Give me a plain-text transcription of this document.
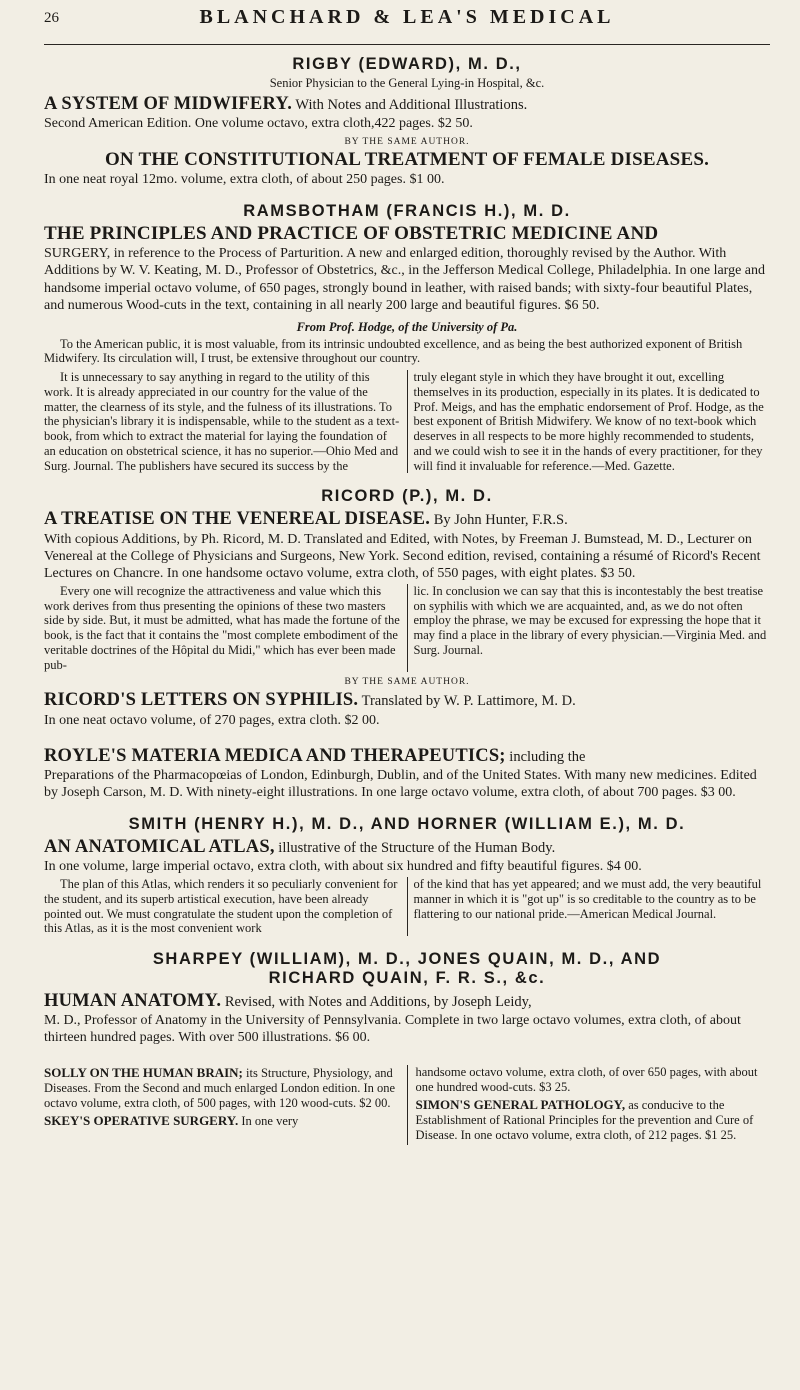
26	BLANCHARD & LEA'S MEDICAL
RIGBY (EDWARD), M. D.,
Senior Physician to the General Lying-in Hospital, &c.

A SYSTEM OF MIDWIFERY. With Notes and Additional Illustrations.

Second American Edition. One volume octavo, extra cloth,422 pages. $2 50.

BY THE SAME AUTHOR.
ON THE CONSTITUTIONAL TREATMENT OF FEMALE DISEASES.

In one neat royal 12mo. volume, extra cloth, of about 250 pages. $1 00.

RAMSBOTHAM (FRANCIS H.), M. D.
THE PRINCIPLES AND PRACTICE OF OBSTETRIC MEDICINE AND

SURGERY, in reference to the Process of Parturition. A new and enlarged edition, thoroughly revised by the Author. With Additions by W. V. Keating, M. D., Professor of Obstetrics, &c., in the Jefferson Medical College, Philadelphia. In one large and handsome imperial octavo volume, of 650 pages, strongly bound in leather, with raised bands; with sixty-four beautiful Plates, and numerous Wood-cuts in the text, containing in all nearly 200 large and beautiful figures. $6 50.

From Prof. Hodge, of the University of Pa.

To the American public, it is most valuable, from its intrinsic undoubted excellence, and as being the best authorized exponent of British Midwifery. Its circulation will, I trust, be extensive throughout our country.

It is unnecessary to say anything in regard to the utility of this work. It is already appreciated in our country for the value of the matter, the clearness of its style, and the fulness of its illustrations. To the physician's library it is indispensable, while to the student as a text-book, from which to extract the material for laying the foundation of an education on obstetrical science, it has no superior.—Ohio Med and Surg. Journal. The publishers have secured its success by the
truly elegant style in which they have brought it out, excelling themselves in its production, especially in its plates. It is dedicated to Prof. Meigs, and has the emphatic endorsement of Prof. Hodge, as the best exponent of British Midwifery. We know of no text-book which deserves in all respects to be more highly recommended to students, and we could wish to see it in the hands of every practitioner, for they will find it invaluable for reference.—Med. Gazette.
RICORD (P.), M. D.

A TREATISE ON THE VENEREAL DISEASE. By John Hunter, F.R.S.

With copious Additions, by Ph. Ricord, M. D. Translated and Edited, with Notes, by Freeman J. Bumstead, M. D., Lecturer on Venereal at the College of Physicians and Surgeons, New York. Second edition, revised, containing a résumé of Ricord's Recent Lectures on Chancre. In one handsome octavo volume, extra cloth, of 550 pages, with eight plates. $3 50.

Every one will recognize the attractiveness and value which this work derives from thus presenting the opinions of these two masters side by side. But, it must be admitted, what has made the fortune of the book, is the fact that it contains the "most complete embodiment of the veritable doctrines of the Hôpital du Midi," which has ever been made pub-
lic. In conclusion we can say that this is incontestably the best treatise on syphilis with which we are acquainted, and, as we do not often employ the phrase, we may be excused for expressing the hope that it may find a place in the library of every physician.—Virginia Med. and Surg. Journal.
BY THE SAME AUTHOR.

RICORD'S LETTERS ON SYPHILIS. Translated by W. P. Lattimore, M. D.

In one neat octavo volume, of 270 pages, extra cloth. $2 00.

ROYLE'S MATERIA MEDICA AND THERAPEUTICS; including the

Preparations of the Pharmacopœias of London, Edinburgh, Dublin, and of the United States. With many new medicines. Edited by Joseph Carson, M. D. With ninety-eight illustrations. In one large octavo volume, extra cloth, of about 700 pages. $3 00.

SMITH (HENRY H.), M. D., AND HORNER (WILLIAM E.), M. D.

AN ANATOMICAL ATLAS, illustrative of the Structure of the Human Body.

In one volume, large imperial octavo, extra cloth, with about six hundred and fifty beautiful figures. $4 00.

The plan of this Atlas, which renders it so peculiarly convenient for the student, and its superb artistical execution, have been already pointed out. We must congratulate the student upon the completion of this Atlas, as it is the most convenient work
of the kind that has yet appeared; and we must add, the very beautiful manner in which it is "got up" is so creditable to the country as to be flattering to our national pride.—American Medical Journal.
SHARPEY (WILLIAM), M. D., JONES QUAIN, M. D., AND
RICHARD QUAIN, F. R. S., &c.

HUMAN ANATOMY. Revised, with Notes and Additions, by Joseph Leidy,

M. D., Professor of Anatomy in the University of Pennsylvania. Complete in two large octavo volumes, extra cloth, of about thirteen hundred pages. With over 500 illustrations. $6 00.

SOLLY ON THE HUMAN BRAIN; its Structure, Physiology, and Diseases. From the Second and much enlarged London edition. In one octavo volume, extra cloth, of 500 pages, with 120 wood-cuts. $2 00.

SKEY'S OPERATIVE SURGERY. In one very

handsome octavo volume, extra cloth, of over 650 pages, with about one hundred wood-cuts. $3 25.

SIMON'S GENERAL PATHOLOGY, as conducive to the Establishment of Rational Principles for the prevention and Cure of Disease. In one octavo volume, extra cloth, of 212 pages. $1 25.
